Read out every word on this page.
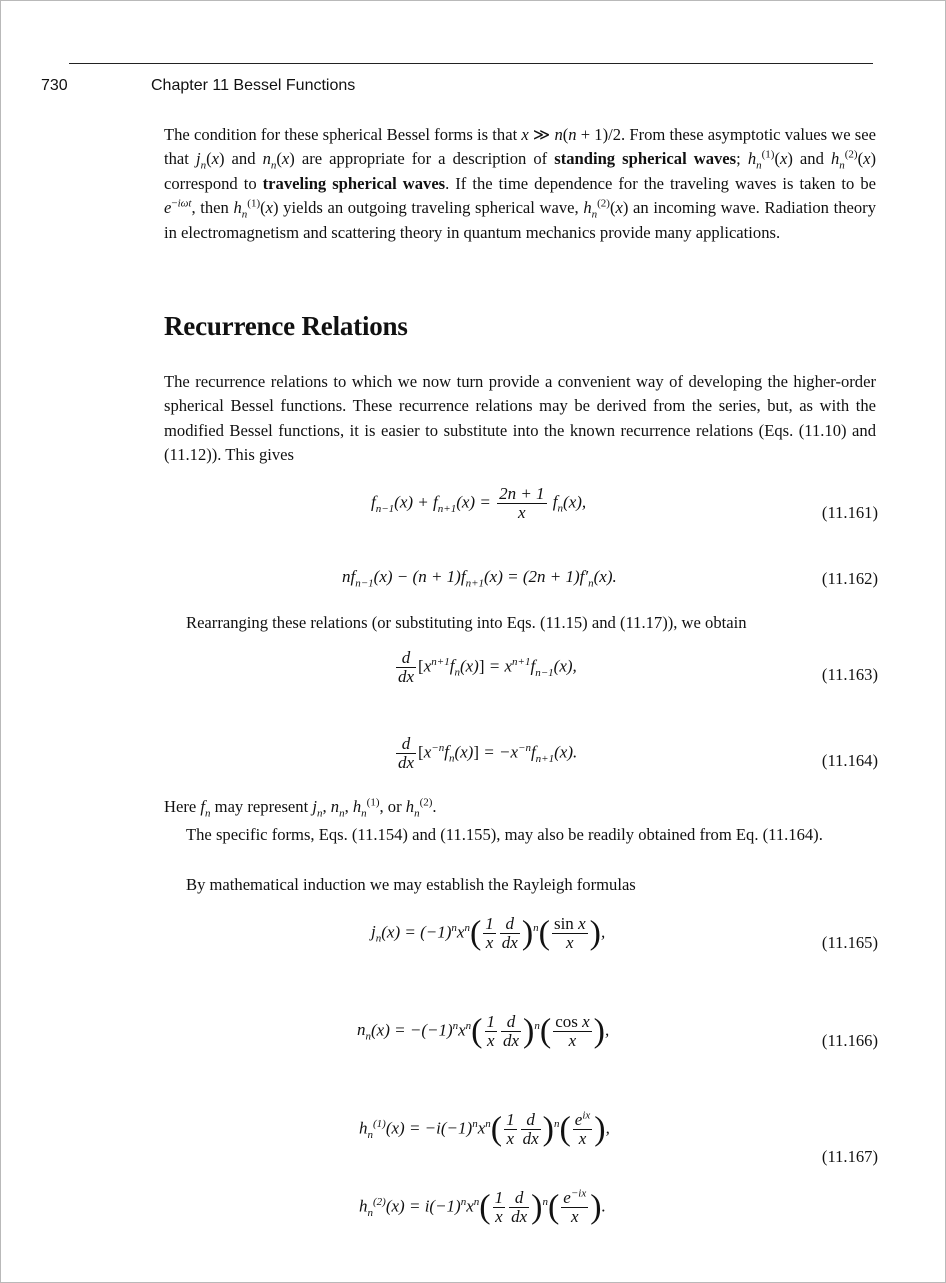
730	Chapter 11 Bessel Functions
The condition for these spherical Bessel forms is that x ≫ n(n + 1)/2. From these asymptotic values we see that $j_n(x)$ and $n_n(x)$ are appropriate for a description of standing spherical waves; $h_n^{(1)}(x)$ and $h_n^{(2)}(x)$ correspond to traveling spherical waves. If the time dependence for the traveling waves is taken to be $e^{-i\omega t}$, then $h_n^{(1)}(x)$ yields an outgoing traveling spherical wave, $h_n^{(2)}(x)$ an incoming wave. Radiation theory in electromagnetism and scattering theory in quantum mechanics provide many applications.
Recurrence Relations
The recurrence relations to which we now turn provide a convenient way of developing the higher-order spherical Bessel functions. These recurrence relations may be derived from the series, but, as with the modified Bessel functions, it is easier to substitute into the known recurrence relations (Eqs. (11.10) and (11.12)). This gives
$f_{n-1}(x) + f_{n+1}(x) = \frac{2n + 1}{x} f_n(x)$,
(11.161)
$nf_{n-1}(x) - (n + 1)f_{n+1}(x) = (2n + 1)f'_n(x)$.	(11.162)
Rearranging these relations (or substituting into Eqs. (11.15) and (11.17)), we obtain
$\frac{d}{dx} [x^{n+1}f_n(x)] = x^{n+1}f_{n-1}(x)$,	(11.163)
$\frac{d}{dx} [x^{-n}f_n(x)] = -x^{-n}f_{n+1}(x)$.	(11.164)
Here $f_n$ may represent $j_n$, $n_n$, $h_n^{(1)}$, or $h_n^{(2)}$.
The specific forms, Eqs. (11.154) and (11.155), may also be readily obtained from Eq. (11.164).
By mathematical induction we may establish the Rayleigh formulas
$j_n(x) = (-1)^nx^n( \frac{1}{x} \frac{d}{dx} )^n( \frac{\text{sin x}}{x}$ ),
(11.165)
$n_n(x) = -(-1)^nx^n( \frac{1}{x} \frac{d}{dx} )^n( \frac{\text{cos x}}{x}$ ),
(11.166)
$h_n^{(1)}(x) = -i(-1)^nx^n( \frac{1}{x} \frac{d}{dx} )^n( \frac{e^{ix}}{x}$ ),
(11.167)
$h_n^{(2)}(x) = i(-1)^nx^n( \frac{1}{x} \frac{d}{dx} )^n( \frac{e^{-ix}}{x}$ ).
